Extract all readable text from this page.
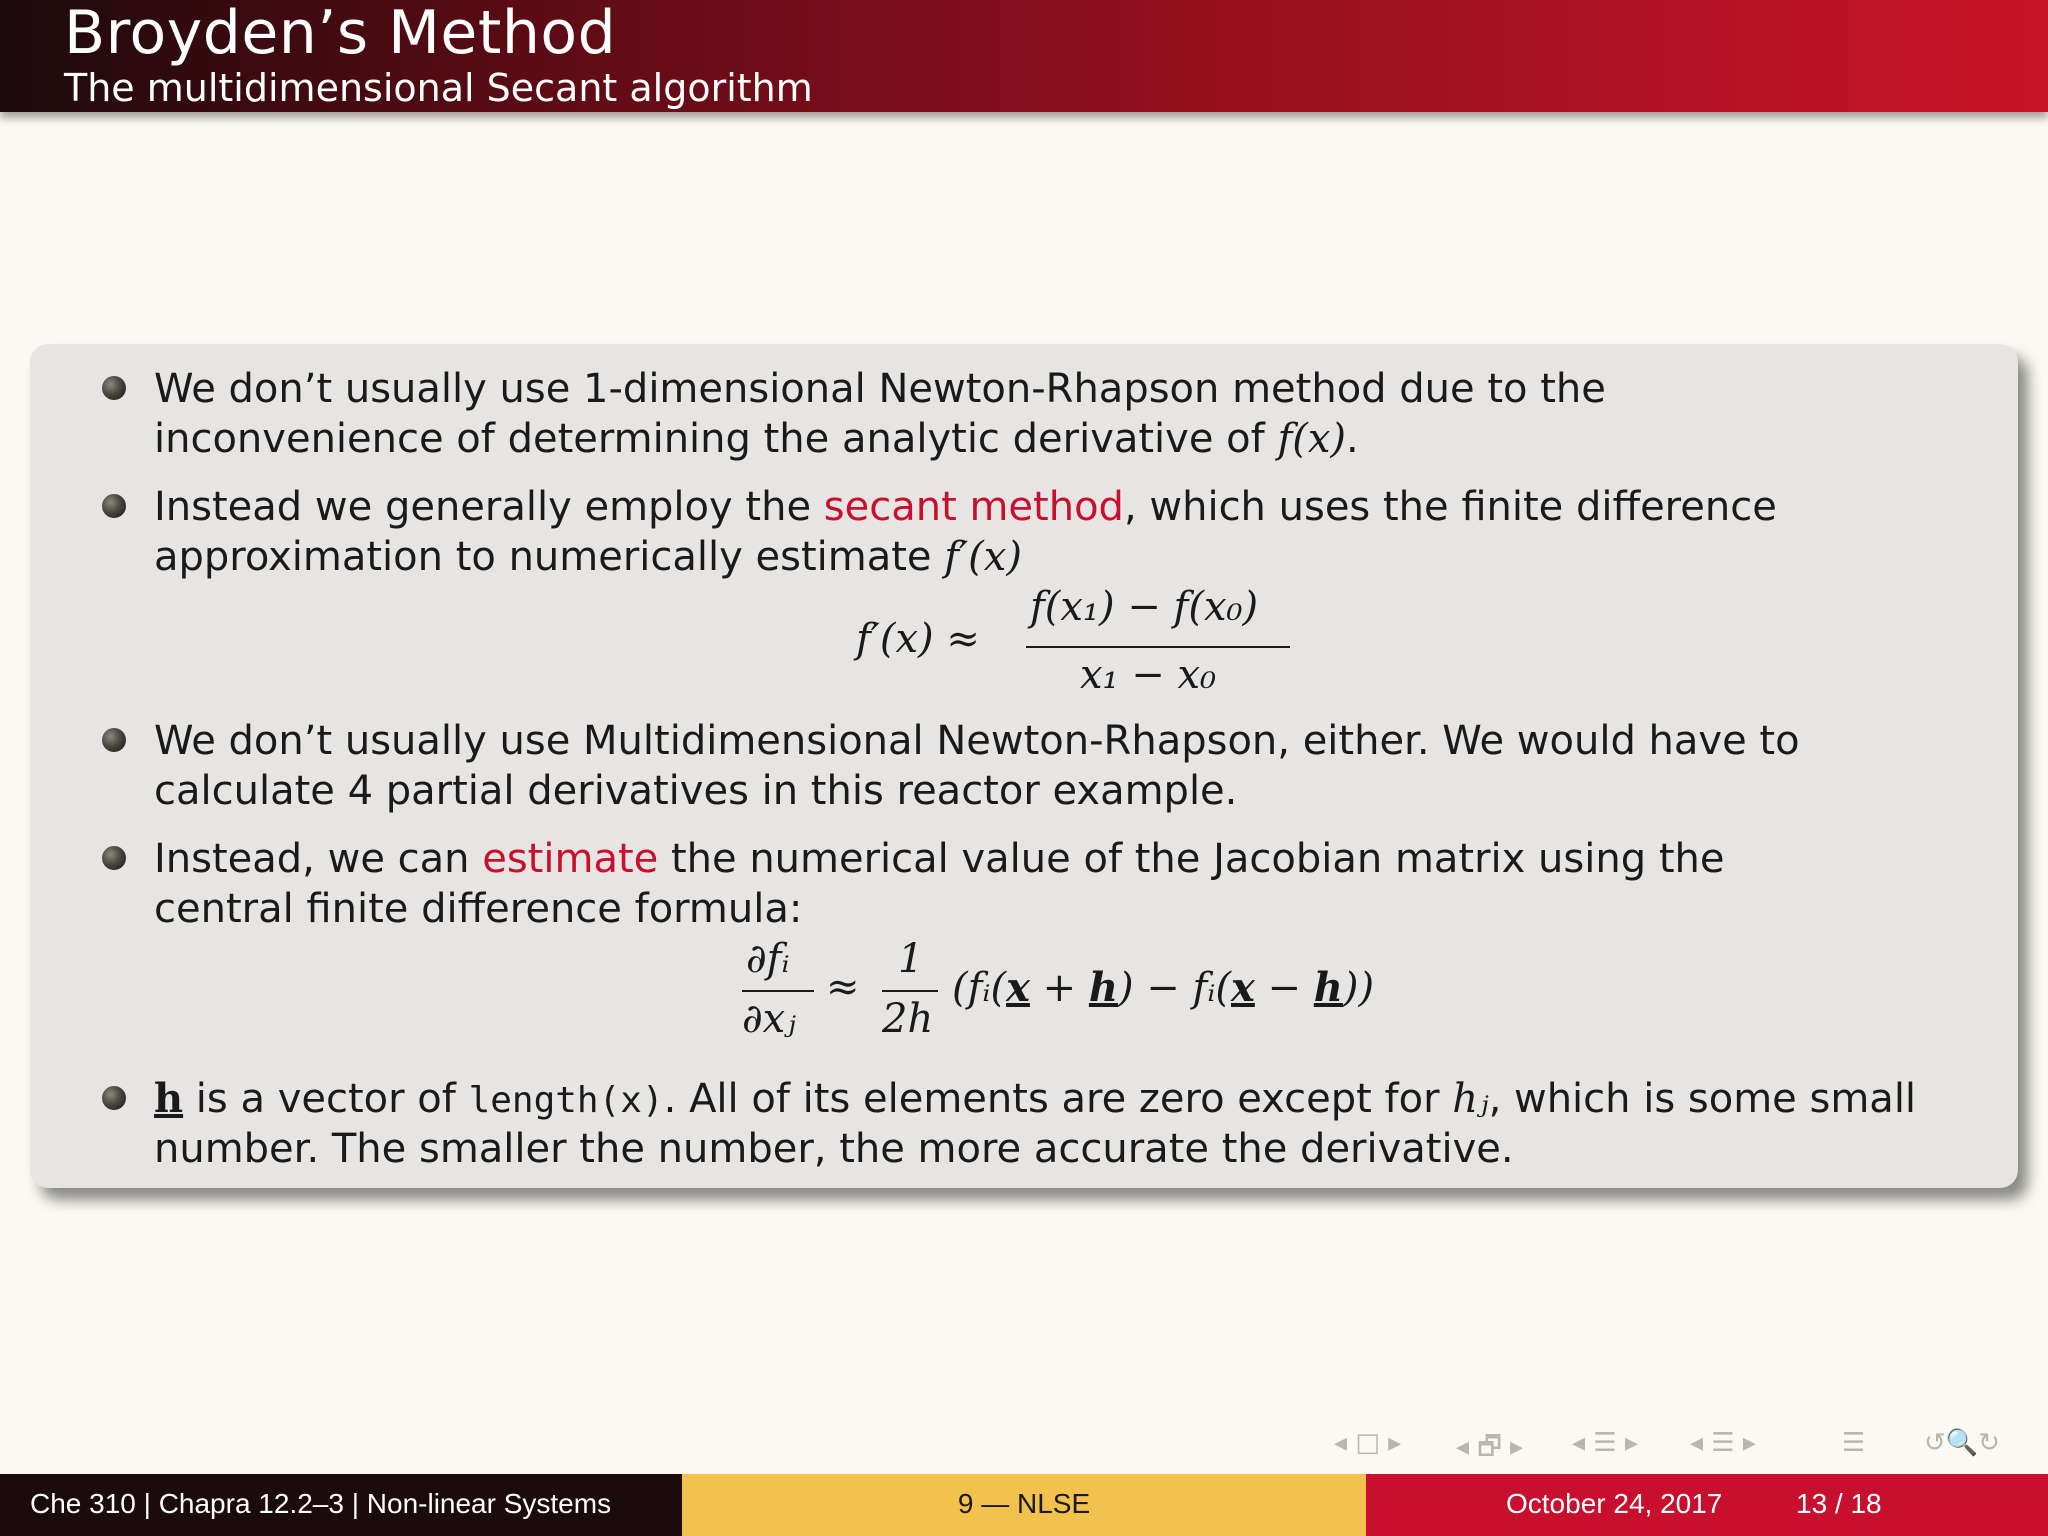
Broyden’s Method
The multidimensional Secant algorithm
We don’t usually use 1-dimensional Newton-Rhapson method due to the
inconvenience of determining the analytic derivative of f(x).
Instead we generally employ the secant method, which uses the finite difference
approximation to numerically estimate f′(x)
f′(x) ≈
f(x₁) − f(x₀)
x₁ − x₀
We don’t usually use Multidimensional Newton-Rhapson, either. We would have to
calculate 4 partial derivatives in this reactor example.
Instead, we can estimate the numerical value of the Jacobian matrix using the
central finite difference formula:
∂fᵢ
∂xⱼ
≈
1
2h
(fᵢ(x + h) − fᵢ(x − h))
h is a vector of length(x). All of its elements are zero except for hⱼ, which is some small
number. The smaller the number, the more accurate the derivative.
◂ □ ▸ ◂ 🗗 ▸ ◂ ☰ ▸ ◂ ☰ ▸	☰ ↺🔍↻
Che 310 | Chapra 12.2–3 | Non-linear Systems	9 — NLSE	October 24, 2017	13 / 18
